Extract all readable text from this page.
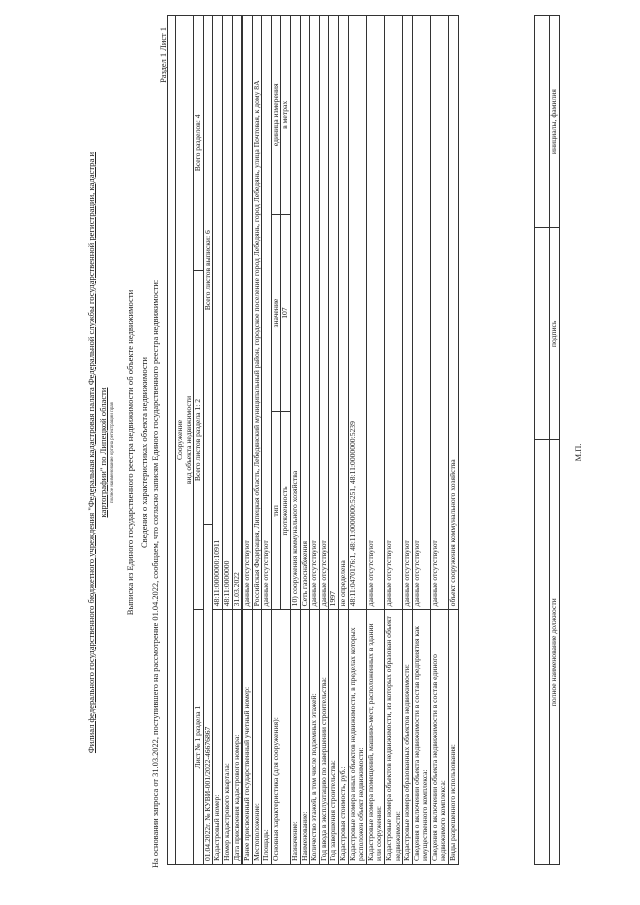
Филиал федерального государственного бюджетного учреждения "Федеральная кадастровая палата Федеральной службы государственной регистрации, кадастра и картографии" по Липецкой области полное наименование органа регистрации прав Выписка из Единого государственного реестра недвижимости об объекте недвижимости Сведения о характеристиках объекта недвижимости На основании запроса от 31.03.2022, поступившего на рассмотрение 01.04.2022, сообщаем, что согласно записям Единого государственного реестра недвижимости:
Раздел 1 Лист 1

Сооружение вид объекта недвижимости			

Лист № 1 раздела 1	Всего листов раздела 1: 2		Всего разделов: 4
01.04.2022г. № КУВИ-001/2022-46676867		Всего листов выписки: 6	
Кадастровый номер:	48:11:0000000:10911		
Номер кадастрового квартала:	48:11:0000000		
Дата присвоения кадастрового номера:	31.03.2022		
Ранее присвоенный государственный учетный номер:	данные отсутствуют		
Местоположение:	Российская Федерация, Липецкая область, Лебедянский муниципальный район, городское поселение город Лебедянь, город Лебедянь, улица Почтовая, к дому 8А		
Площадь:	данные отсутствуют		
Основная характеристика (для сооружения):	тип	значение	единица измерения
	протяженность	107	в метрах
Назначение:	10) сооружения коммунального хозяйства		
Наименование:	Сеть газоснабжения		
Количество этажей, в том числе подземных этажей:	данные отсутствуют		
Год ввода в эксплуатацию по завершении строительства:	данные отсутствуют		
Год завершения строительства:	1997		
Кадастровая стоимость, руб.:	не определена		
Кадастровые номера иных объектов недвижимости, в пределах которых расположен объект недвижимости:	48:11:0470176:1, 48:11:0000000:5251, 48:11:0000000:5239		
Кадастровые номера помещений, машино-мест, расположенных в здании или сооружении:	данные отсутствуют		
Кадастровые номера объектов недвижимости, из которых образован объект недвижимости:	данные отсутствуют		
Кадастровые номера образованных объектов недвижимости:	данные отсутствуют		
Сведения о включении объекта недвижимости в состав предприятия как имущественного комплекса:	данные отсутствуют		
Сведения о включении объекта недвижимости в состав единого недвижимого комплекса:	данные отсутствуют		
Виды разрешенного использования:	объект сооружения коммунального хозяйства		

полное наименование должности	подпись	инициалы, фамилия
М.П.
